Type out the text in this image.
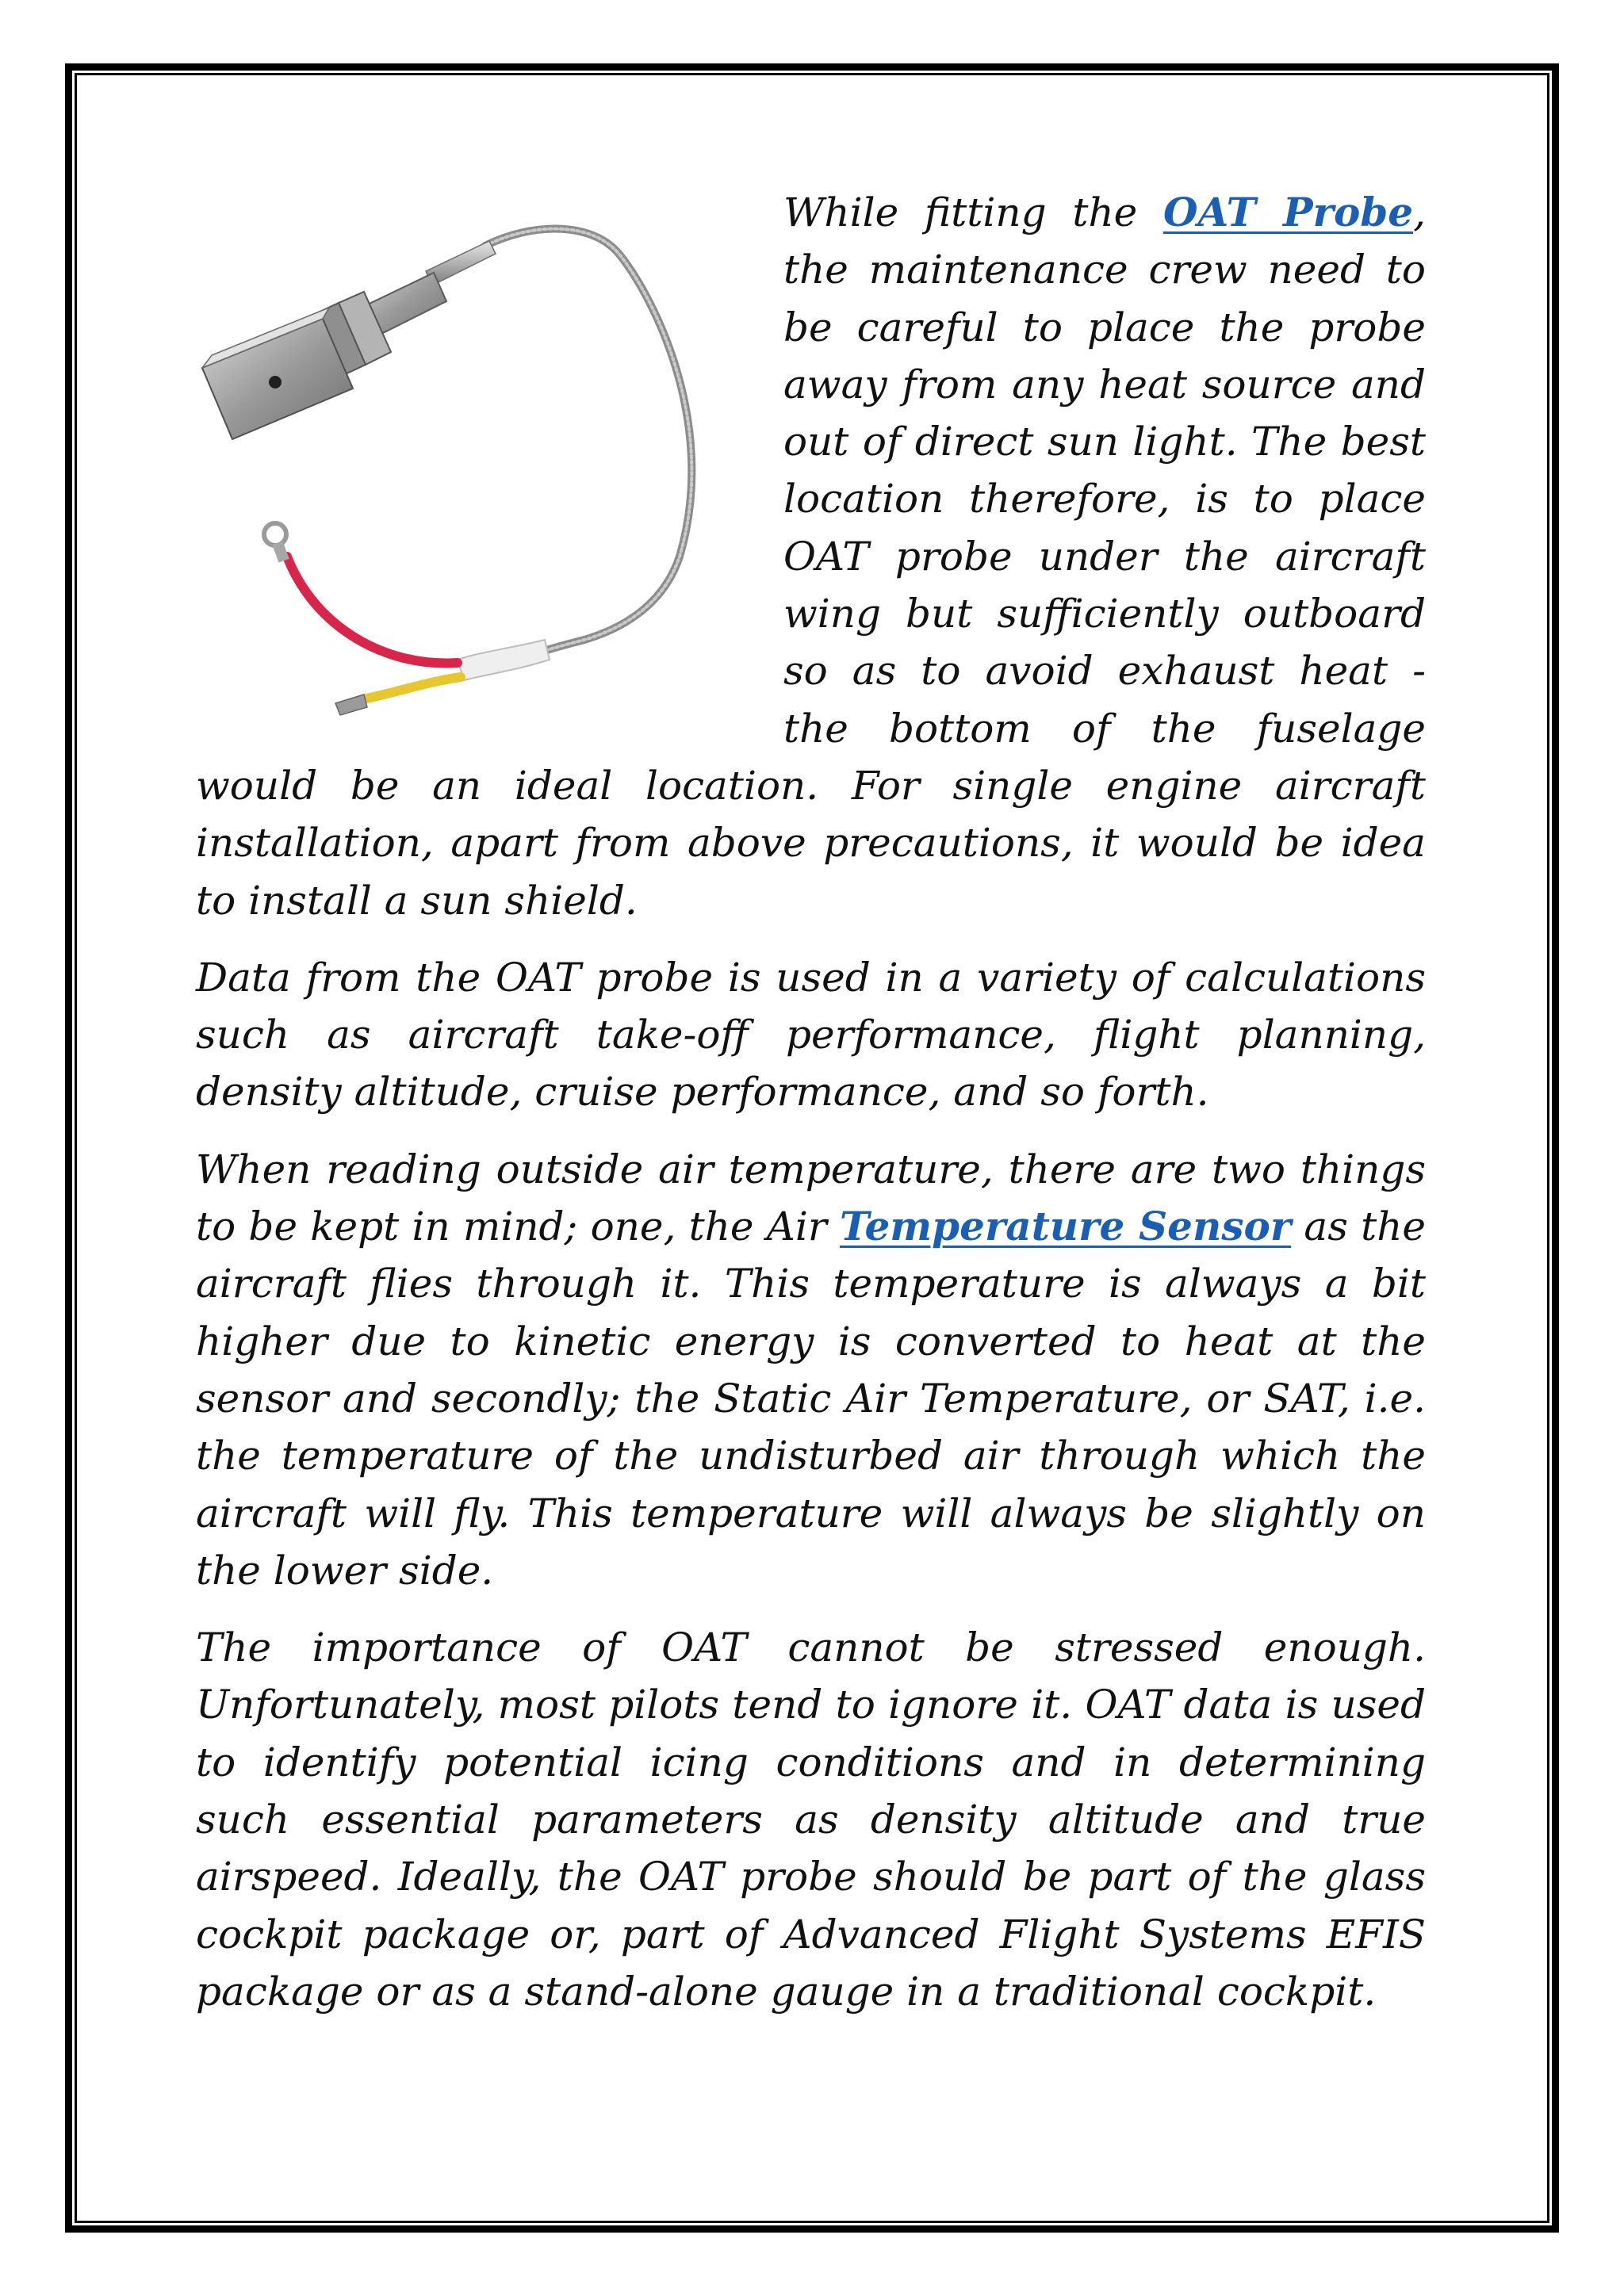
While fitting the OAT Probe, the maintenance crew need to be careful to place the probe away from any heat source and out of direct sun light. The best location therefore, is to place OAT probe under the aircraft wing but sufficiently outboard so as to avoid exhaust heat - the bottom of the fuselage would be an ideal location. For single engine aircraft installation, apart from above precautions, it would be idea to install a sun shield.

Data from the OAT probe is used in a variety of calculations such as aircraft take-off performance, flight planning, density altitude, cruise performance, and so forth.

When reading outside air temperature, there are two things to be kept in mind; one, the Air Temperature Sensor as the aircraft flies through it. This temperature is always a bit higher due to kinetic energy is converted to heat at the sensor and secondly; the Static Air Temperature, or SAT, i.e. the temperature of the undisturbed air through which the aircraft will fly. This temperature will always be slightly on the lower side.

The importance of OAT cannot be stressed enough. Unfortunately, most pilots tend to ignore it. OAT data is used to identify potential icing conditions and in determining such essential parameters as density altitude and true airspeed. Ideally, the OAT probe should be part of the glass cockpit package or, part of Advanced Flight Systems EFIS package or as a stand-alone gauge in a traditional cockpit.
